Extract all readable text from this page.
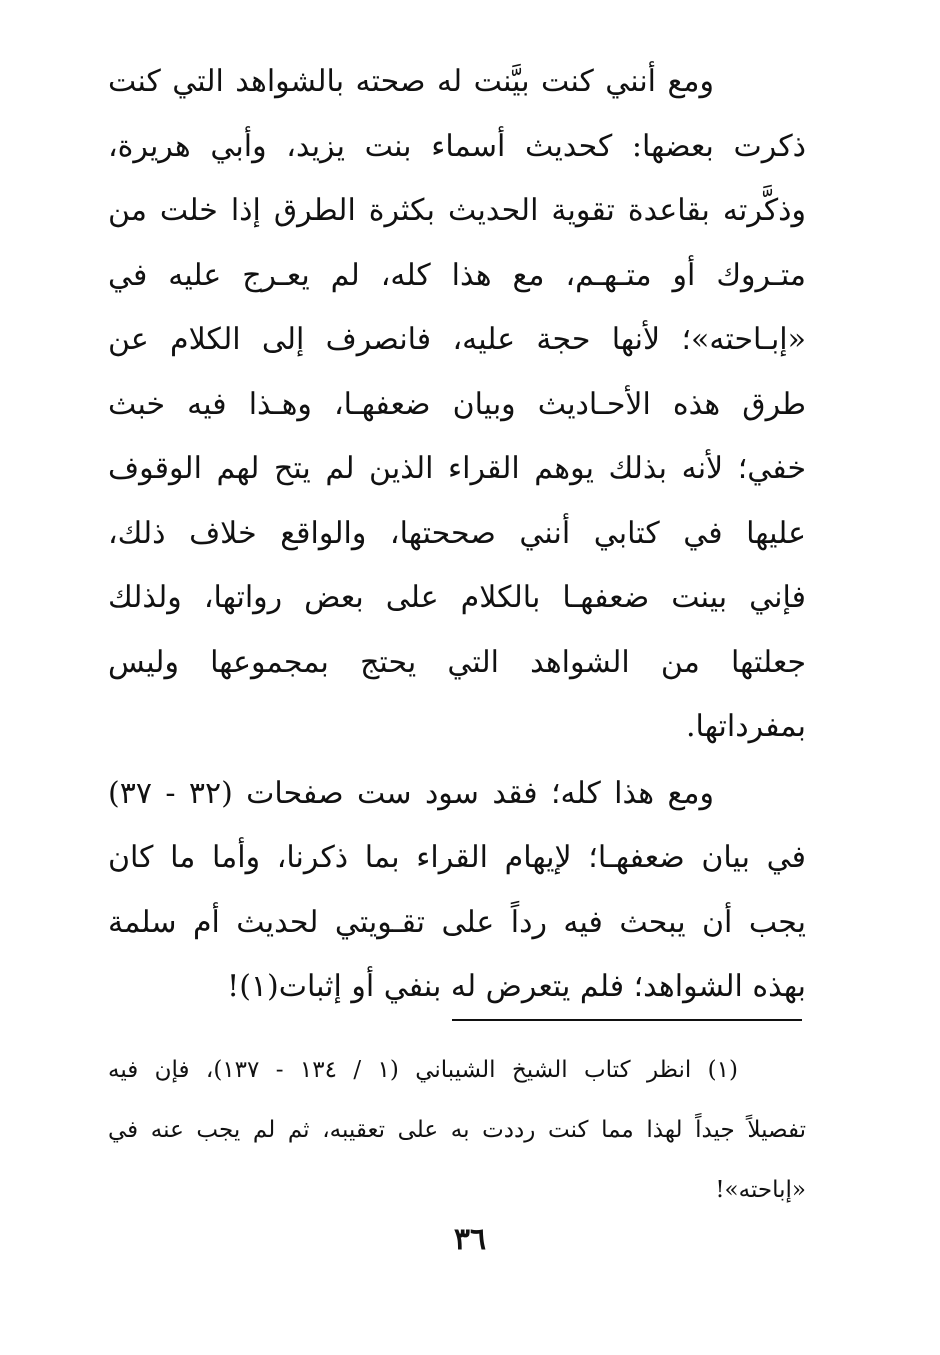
ومع أنني كنت بيَّنت له صحته بالشواهد التي كنت
ذكرت بعضها: كحديث أسماء بنت يزيد، وأبي هريرة،
وذكَّرته بقاعدة تقوية الحديث بكثرة الطرق إذا خلت من
متـروك أو متـهـم، مع هذا كله، لم يعـرج عليه في
«إبـاحته»؛ لأنها حجة عليه، فانصرف إلى الكلام عن
طرق هذه الأحـاديث وبيان ضعفهـا، وهـذا فيه خبث
خفي؛ لأنه بذلك يوهم القراء الذين لم يتح لهم الوقوف
عليها في كتابي أنني صححتها، والواقع خلاف ذلك،
فإني بينت ضعفهـا بالكلام على بعض رواتها، ولذلك
جعلتها من الشواهد التي يحتج بمجموعها وليس
بمفرداتها.
ومع هذا كله؛ فقد سود ست صفحات (٣٢ - ٣٧)
في بيان ضعفهـا؛ لإيهام القراء بما ذكرنا، وأما ما كان
يجب أن يبحث فيه رداً على تقـويتي لحديث أم سلمة
بهذه الشواهد؛ فلم يتعرض له بنفي أو إثبات(١)!
(١) انظر كتاب الشيخ الشيباني (١ / ١٣٤ - ١٣٧)، فإن فيه
تفصيلاً جيداً لهذا مما كنت رددت به على تعقيبه، ثم لم يجب عنه في
«إباحته»!
٣٦
